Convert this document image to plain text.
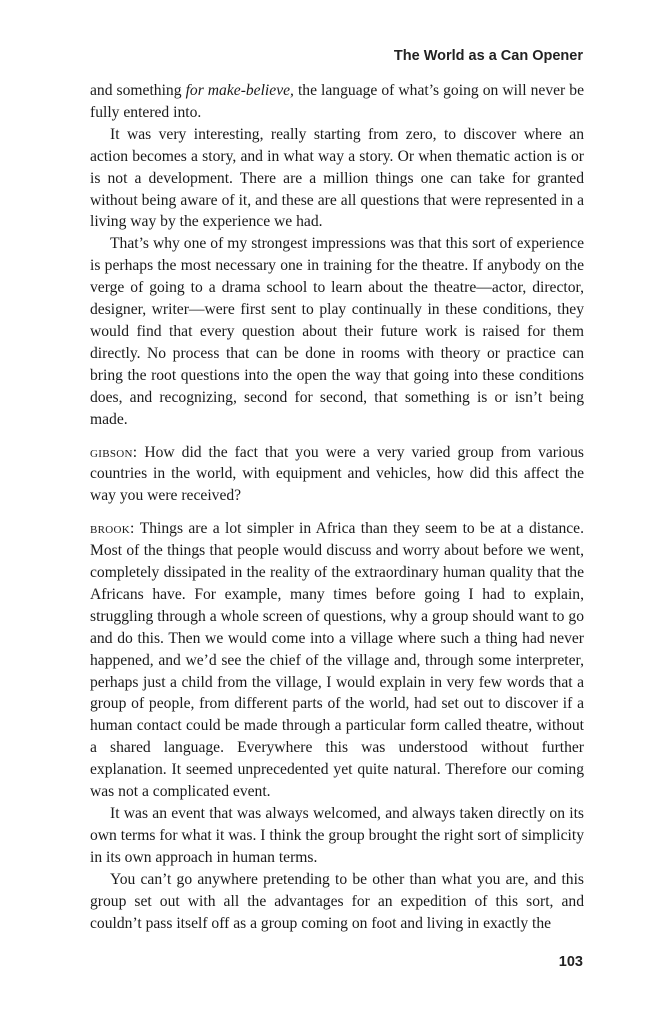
The World as a Can Opener

and something for make-believe, the language of what’s going on will never be fully entered into.

It was very interesting, really starting from zero, to discover where an action becomes a story, and in what way a story. Or when thematic action is or is not a development. There are a million things one can take for granted without being aware of it, and these are all questions that were represented in a living way by the experience we had.

That’s why one of my strongest impressions was that this sort of experience is perhaps the most necessary one in training for the theatre. If anybody on the verge of going to a drama school to learn about the theatre—actor, director, designer, writer—were first sent to play continually in these conditions, they would find that every question about their future work is raised for them directly. No process that can be done in rooms with theory or practice can bring the root questions into the open the way that going into these conditions does, and recognizing, second for second, that something is or isn’t being made.

gibson: How did the fact that you were a very varied group from various countries in the world, with equipment and vehicles, how did this affect the way you were received?

brook: Things are a lot simpler in Africa than they seem to be at a distance. Most of the things that people would discuss and worry about before we went, completely dissipated in the reality of the extraordinary human quality that the Africans have. For example, many times before going I had to explain, struggling through a whole screen of questions, why a group should want to go and do this. Then we would come into a village where such a thing had never happened, and we’d see the chief of the village and, through some interpreter, perhaps just a child from the village, I would explain in very few words that a group of people, from different parts of the world, had set out to discover if a human contact could be made through a particular form called theatre, without a shared language. Everywhere this was understood without further explanation. It seemed unprecedented yet quite natural. Therefore our coming was not a complicated event.

It was an event that was always welcomed, and always taken directly on its own terms for what it was. I think the group brought the right sort of simplicity in its own approach in human terms.

You can’t go anywhere pretending to be other than what you are, and this group set out with all the advantages for an expedition of this sort, and couldn’t pass itself off as a group coming on foot and living in exactly the

103
